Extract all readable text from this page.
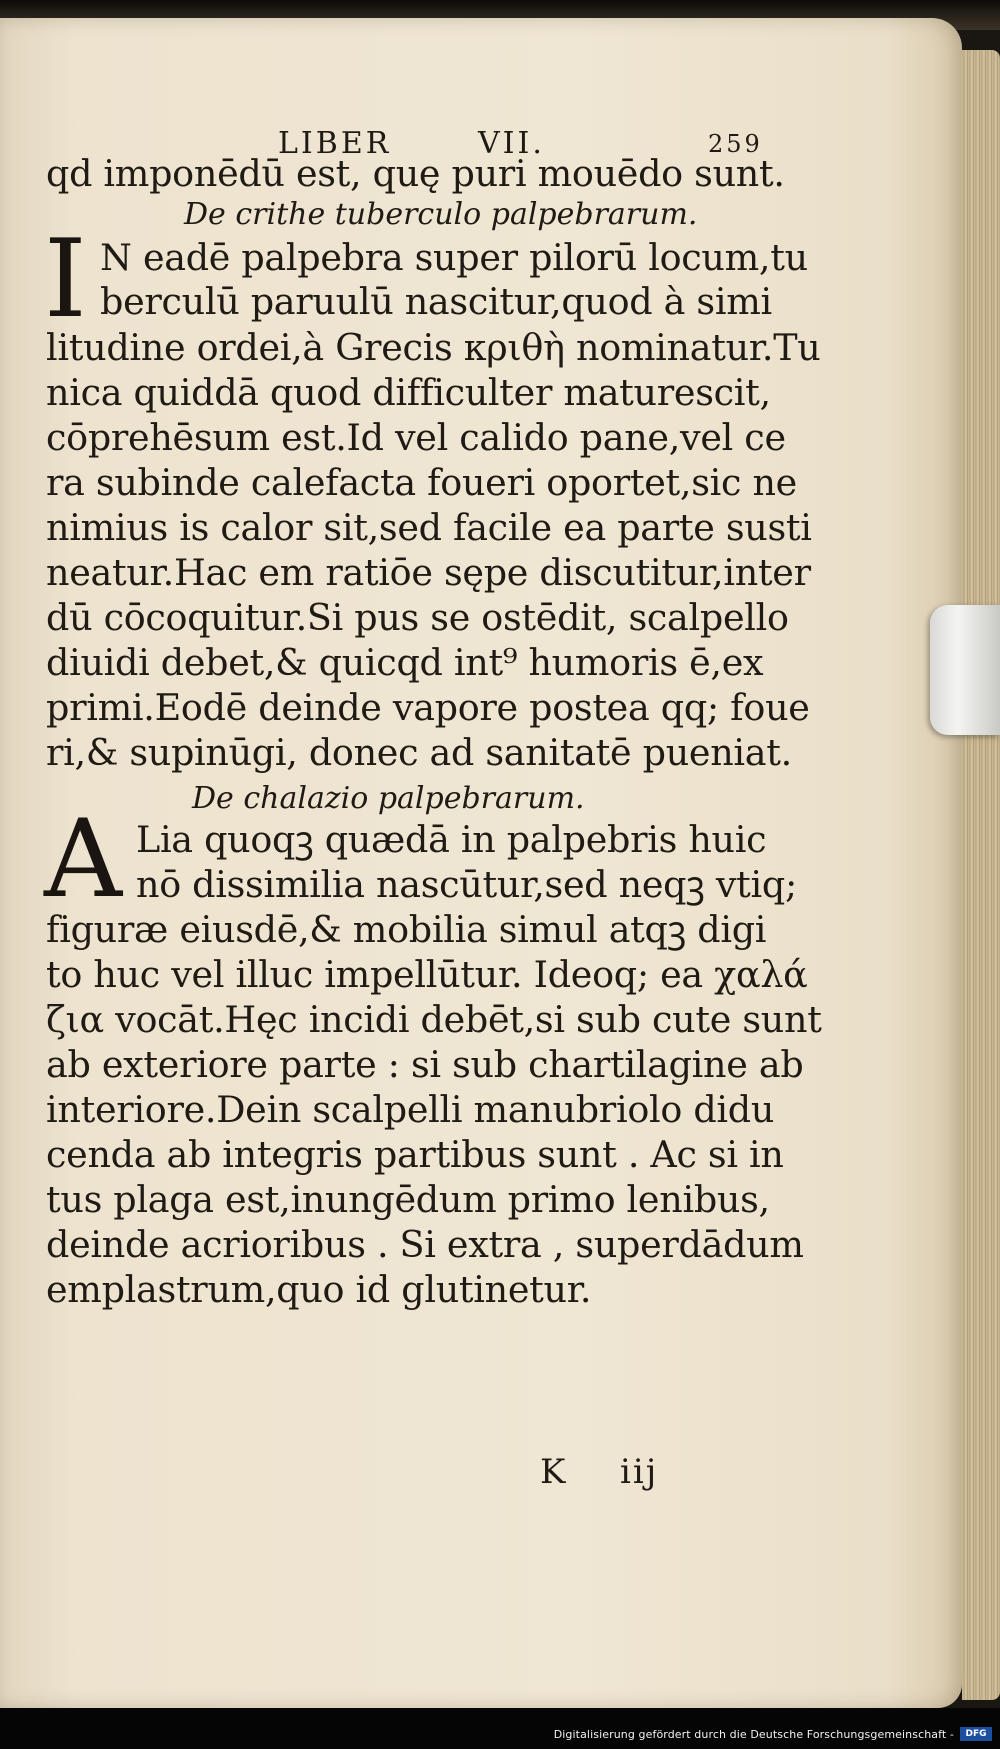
LIBER	VII.	259
qd imponēdū est, quę puri mouēdo sunt.
De crithe tuberculo palpebrarum.
I N eadē palpebra super pilorū locum,tu
berculū paruulū nascitur,quod à simi
litudine ordei,à Grecis κριθὴ nominatur.Tu
nica quiddā quod difficulter maturescit,
cōprehēsum est.Id vel calido pane,vel ce
ra subinde calefacta foueri oportet,sic ne
nimius is calor sit,sed facile ea parte susti
neatur.Hac em ratiōe sępe discutitur,inter
dū cōcoquitur.Si pus se ostēdit, scalpello
diuidi debet,& quicqd int⁹ humoris ē,ex
primi.Eodē deinde vapore postea qq; foue
ri,& supinūgi, donec ad sanitatē pueniat.
De chalazio palpebrarum.
A Lia quoqꝫ quædā in palpebris huic
nō dissimilia nascūtur,sed neqꝫ vtiq;
figuræ eiusdē,& mobilia simul atqꝫ digi
to huc vel illuc impellūtur. Ideoq; ea χαλά
ζια vocāt.Hęc incidi debēt,si sub cute sunt
ab exteriore parte : si sub chartilagine ab
interiore.Dein scalpelli manubriolo didu
cenda ab integris partibus sunt . Ac si in
tus plaga est,inungēdum primo lenibus,
deinde acrioribus . Si extra , superdādum
emplastrum,quo id glutinetur.
K iij
Digitalisierung gefördert durch die Deutsche Forschungsgemeinschaft -	DFG
